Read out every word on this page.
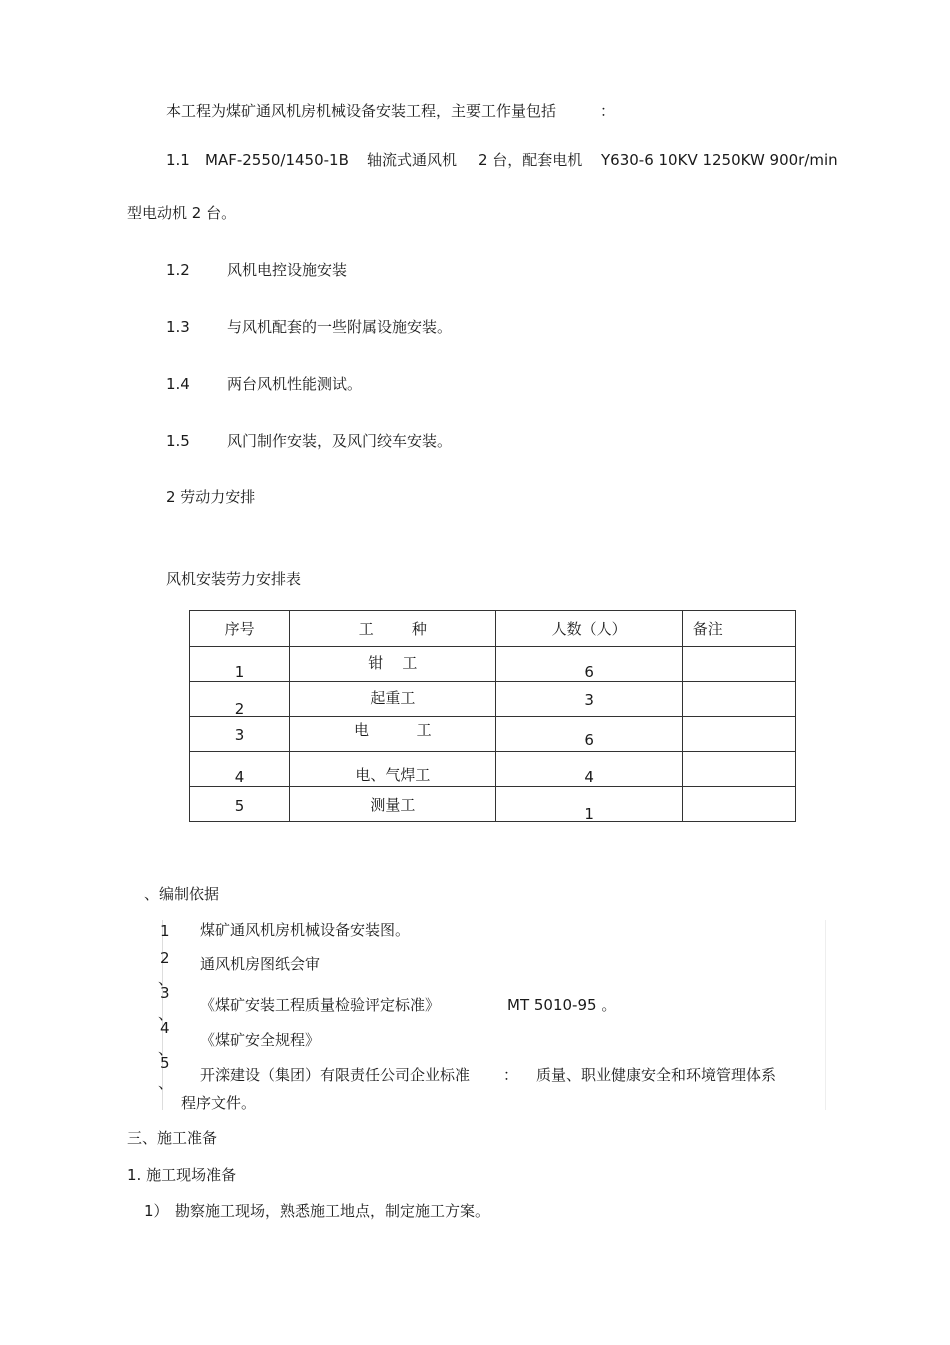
本工程为煤矿通风机房机械设备安装工程，主要工作量包括	：
1.1 MAF-2550/1450-1B 轴流式通风机 2 台，配套电机 Y630-6 10KV 1250KW 900r/min
型电动机 2 台。
1.2 风机电控设施安装
1.3 与风机配套的一些附属设施安装。
1.4 两台风机性能测试。
1.5 风门制作安装，及风门绞车安装。
2 劳动力安排
风机安装劳力安排表
序号	工        种	人数（人）	备注

1	钳    工	6	

2	起重工	3	

3	电          工	6	

4	电、气焊工	4	

5	测量工	1	

、编制依据
1 煤矿通风机房机械设备安装图。
2
、
通风机房图纸会审
3
、 《煤矿安装工程质量检验评定标准》	MT 5010-95 。
4
、 《煤矿安全规程》
5
、 开滦建设（集团）有限责任公司企业标准 ： 质量、职业健康安全和环境管理体系
程序文件。
三、施工准备
1. 施工现场准备
1） 勘察施工现场，熟悉施工地点，制定施工方案。
